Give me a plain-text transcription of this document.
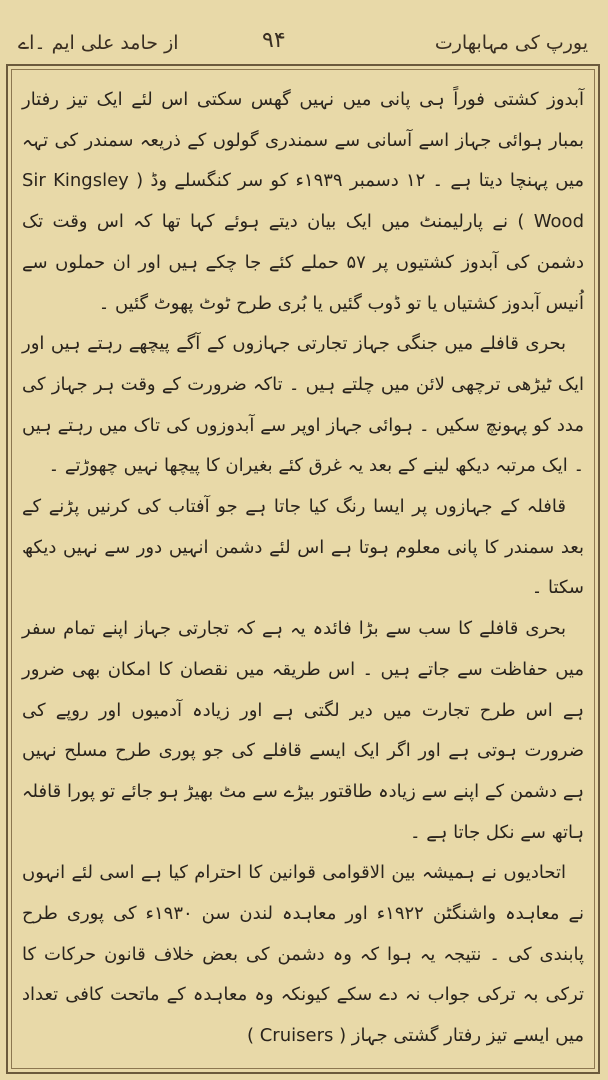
از حامد علی ایم ۔اے	۹۴	یورپ کی مہابھارت

آبدوز کشتی فوراً ہی پانی میں نہیں گھس سکتی اس لئے ایک تیز رفتار بمبار ہوائی جہاز اسے آسانی سے سمندری گولوں کے ذریعہ سمندر کی تہہ میں پہنچا دیتا ہے ۔ ۱۲ دسمبر ۱۹۳۹ء کو سر کنگسلے وڈ ( Sir Kingsley Wood ) نے پارلیمنٹ میں ایک بیان دیتے ہوئے کہا تھا کہ اس وقت تک دشمن کی آبدوز کشتیوں پر ۵۷ حملے کئے جا چکے ہیں اور ان حملوں سے اُنیس آبدوز کشتیاں یا تو ڈوب گئیں یا بُری طرح ٹوٹ پھوٹ گئیں ۔

بحری قافلے میں جنگی جہاز تجارتی جہازوں کے آگے پیچھے رہتے ہیں اور ایک ٹیڑھی ترچھی لائن میں چلتے ہیں ۔ تاکہ ضرورت کے وقت ہر جہاز کی مدد کو پہونچ سکیں ۔ ہوائی جہاز اوپر سے آبدوزوں کی تاک میں رہتے ہیں ۔ ایک مرتبہ دیکھ لینے کے بعد یہ غرق کئے بغیران کا پیچھا نہیں چھوڑتے ۔

قافلہ کے جہازوں پر ایسا رنگ کیا جاتا ہے جو آفتاب کی کرنیں پڑنے کے بعد سمندر کا پانی معلوم ہوتا ہے اس لئے دشمن انہیں دور سے نہیں دیکھ سکتا ۔

بحری قافلے کا سب سے بڑا فائدہ یہ ہے کہ تجارتی جہاز اپنے تمام سفر میں حفاظت سے جاتے ہیں ۔ اس طریقہ میں نقصان کا امکان بھی ضرور ہے اس طرح تجارت میں دیر لگتی ہے اور زیادہ آدمیوں اور روپے کی ضرورت ہوتی ہے اور اگر ایک ایسے قافلے کی جو پوری طرح مسلح نہیں ہے دشمن کے اپنے سے زیادہ طاقتور بیڑے سے مٹ بھیڑ ہو جائے تو پورا قافلہ ہاتھ سے نکل جاتا ہے ۔

اتحادیوں نے ہمیشہ بین الاقوامی قوانین کا احترام کیا ہے اسی لئے انہوں نے معاہدہ واشنگٹن ۱۹۲۲ء اور معاہدہ لندن سن ۱۹۳۰ء کی پوری طرح پابندی کی ۔ نتیجہ یہ ہوا کہ وہ دشمن کی بعض خلاف قانون حرکات کا ترکی بہ ترکی جواب نہ دے سکے کیونکہ وہ معاہدہ کے ماتحت کافی تعداد میں ایسے تیز رفتار گشتی جہاز ( Cruisers )
